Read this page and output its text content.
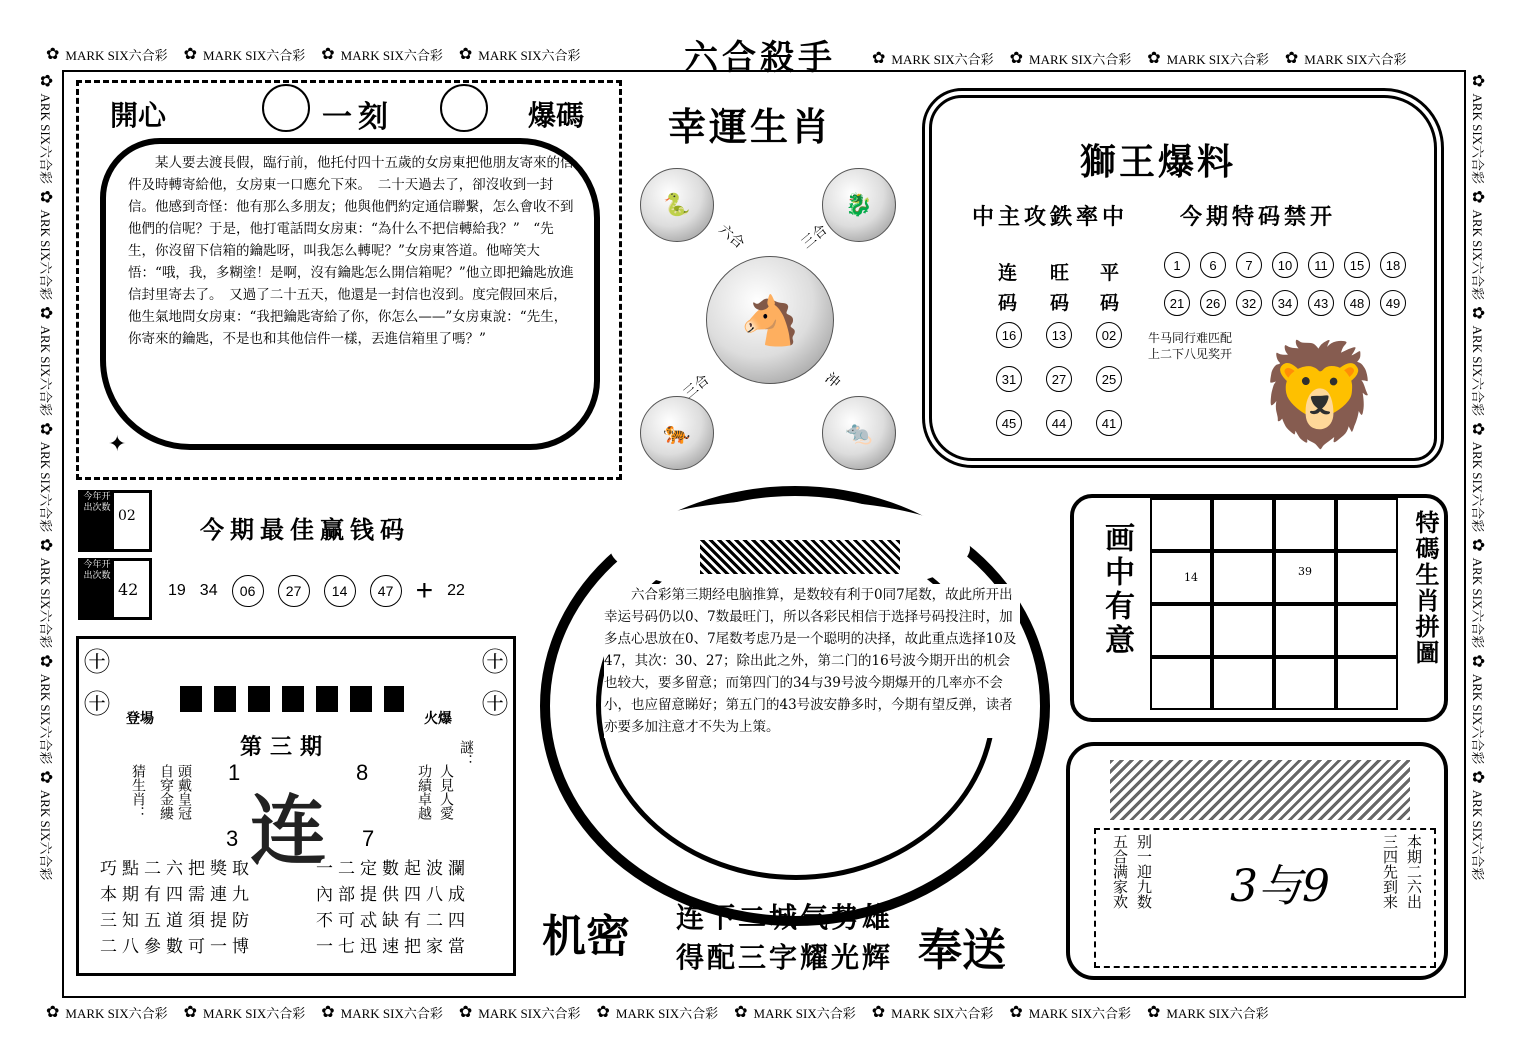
✿ MARK SIX六合彩 ✿ MARK SIX六合彩 ✿ MARK SIX六合彩 ✿ MARK SIX六合彩	六合殺手 ✿ MARK SIX六合彩 ✿ MARK SIX六合彩 ✿ MARK SIX六合彩 ✿ MARK SIX六合彩
✿ MARK SIX六合彩 ✿ MARK SIX六合彩 ✿ MARK SIX六合彩 ✿ MARK SIX六合彩 ✿ MARK SIX六合彩 ✿ MARK SIX六合彩 ✿ MARK SIX六合彩 ✿ MARK SIX六合彩 ✿ MARK SIX六合彩
✿ARK SIX六合彩
✿ARK SIX六合彩
✿ARK SIX六合彩
✿ARK SIX六合彩
✿ARK SIX六合彩
✿ARK SIX六合彩
✿ARK SIX六合彩
✿ARK SIX六合彩
✿ARK SIX六合彩
✿ARK SIX六合彩
✿ARK SIX六合彩
✿ARK SIX六合彩
✿ARK SIX六合彩
✿ARK SIX六合彩
開心	一刻	爆碼
某人要去渡長假，臨行前，他托付四十五歲的女房東把他朋友寄來的信件及時轉寄給他，女房東一口應允下來。　二十天過去了，卻沒收到一封信。他感到奇怪：他有那么多朋友；他與他們約定通信聯繫，怎么會收不到他們的信呢？于是，他打電話問女房東：“為什么不把信轉給我？”　“先生，你沒留下信箱的鑰匙呀，叫我怎么轉呢？”女房東答道。他啼笑大悟：“哦，我，多糊塗！是啊，沒有鑰匙怎么開信箱呢？”他立即把鑰匙放進信封里寄去了。　又過了二十五天，他還是一封信也沒到。度完假回來后，他生氣地問女房東：“我把鑰匙寄給了你，你怎么——”女房東說：“先生，你寄來的鑰匙，不是也和其他信件一樣，丟進信箱里了嗎？”
✦
幸運生肖
🐍	🐉
🐴
🐅	🐀
六合	三合
三合	沖
獅王爆料
中主攻鉄率中 今期特码禁开
连码
旺码
平码
16	13	02
31	27	25
45	44	41
1	6	7	10	11	15	18
21	26	32	34	43	48	49
牛马同行难匹配
上二下八见奖开 🦁
今年开出次数 02
今年开出次数
42
今期最佳赢钱码
19 34	06	27	14	47 + 22	六合彩第三期经电脑推算，是数较有利于0同7尾数，故此所开出幸运号码仍以0、7数最旺门，所以各彩民相信于选择号码投注时，加多点心思放在0、7尾数考虑乃是一个聪明的决择，故此重点选择10及47，其次：30、27；除出此之外，第二门的16号波今期开出的机会也较大，要多留意；而第四门的34与39号波今期爆开的几率亦不会小，也应留意睇好；第五门的43号波安静多时，今期有望反弹，读者亦要多加注意才不失为上策。
画中有意	14	39	特碼生肖拼圖
五合满家欢 别一迎九数 3与9	本期二六出
三四先到来
㊉	㊉
㊉	㊉
登場	火爆
第三期
猜生肖： 頭戴皇冠
自穿金縷 1	8
连
3	7
人見人愛
功績卓越
謎：
巧點二六把獎取
本期有四需連九
三知五道須提防
二八參數可一博
一二定數起波瀾
內部提供四八成
不可忒缺有二四
一七迅速把家當 机密 连下二城气势雄
得配三字耀光辉 奉送
